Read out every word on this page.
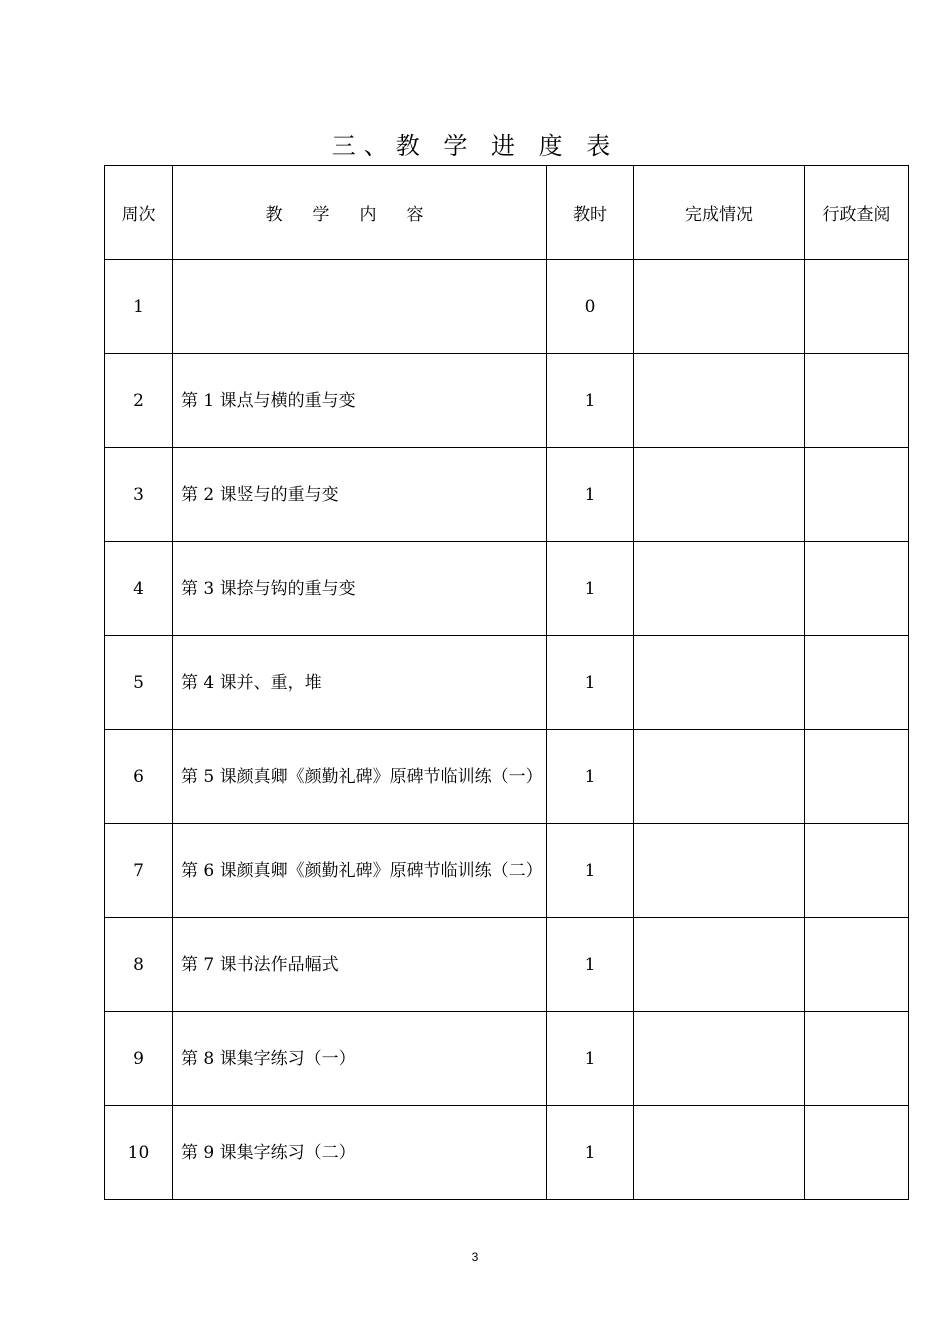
三、教 学 进 度 表
周次	教学内容	教时	完成情况	行政查阅
1		0		
2	第 1 课点与横的重与变	1		
3	第 2 课竖与的重与变	1		
4	第 3 课捺与钩的重与变	1		
5	第 4 课并、重，堆	1		
6	第 5 课颜真卿《颜勤礼碑》原碑节临训练（一）	1		
7	第 6 课颜真卿《颜勤礼碑》原碑节临训练（二）	1		
8	第 7 课书法作品幅式	1		
9	第 8 课集字练习（一）	1		
10	第 9 课集字练习（二）	1		
3
